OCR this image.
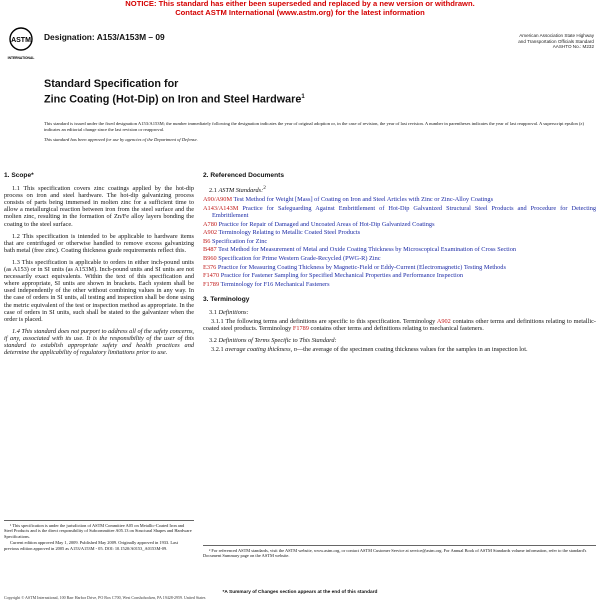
NOTICE: This standard has either been superseded and replaced by a new version or withdrawn.
Contact ASTM International (www.astm.org) for the latest information
ASTM
INTERNATIONAL
Designation: A153/A153M – 09	American Association State Highway
and Transportation Officials Standard
AASHTO No.: M232
Standard Specification for
Zinc Coating (Hot-Dip) on Iron and Steel Hardware$^1$

This standard is issued under the fixed designation A153/A153M; the number immediately following the designation indicates the year of original adoption or, in the case of revision, the year of last revision. A number in parentheses indicates the year of last reapproval. A superscript epsilon (ε) indicates an editorial change since the last revision or reapproval.

This standard has been approved for use by agencies of the Department of Defense.

1. Scope*

1.1 This specification covers zinc coatings applied by the hot-dip process on iron and steel hardware. The hot-dip galvanizing process consists of parts being immersed in molten zinc for a sufficient time to allow a metallurgical reaction between iron from the steel surface and the molten zinc, resulting in the formation of Zn/Fe alloy layers bonding the coating to the steel surface.

1.2 This specification is intended to be applicable to hardware items that are centrifuged or otherwise handled to remove excess galvanizing bath metal (free zinc). Coating thickness grade requirements reflect this.

1.3 This specification is applicable to orders in either inch-pound units (as A153) or in SI units (as A153M). Inch-pound units and SI units are not necessarily exact equivalents. Within the text of this specification and where appropriate, SI units are shown in brackets. Each system shall be used independently of the other without combining values in any way. In the case of orders in SI units, all testing and inspection shall be done using the metric equivalent of the test or inspection method as appropriate. In the case of orders in SI units, such shall be stated to the galvanizer when the order is placed.

1.4 This standard does not purport to address all of the safety concerns, if any, associated with its use. It is the responsibility of the user of this standard to establish appropriate safety and health practices and determine the applicability of regulatory limitations prior to use.

2. Referenced Documents
2.1 ASTM Standards:$^2$
A90/A90M Test Method for Weight [Mass] of Coating on Iron and Steel Articles with Zinc or Zinc-Alloy Coatings
A143/A143M Practice for Safeguarding Against Embrittlement of Hot-Dip Galvanized Structural Steel Products and Procedure for Detecting Embrittlement
A780 Practice for Repair of Damaged and Uncoated Areas of Hot-Dip Galvanized Coatings
A902 Terminology Relating to Metallic Coated Steel Products
B6 Specification for Zinc
B487 Test Method for Measurement of Metal and Oxide Coating Thickness by Microscopical Examination of Cross Section
B960 Specification for Prime Western Grade-Recycled (PWG-R) Zinc
E376 Practice for Measuring Coating Thickness by Magnetic-Field or Eddy-Current (Electromagnetic) Testing Methods
F1470 Practice for Fastener Sampling for Specified Mechanical Properties and Performance Inspection
F1789 Terminology for F16 Mechanical Fasteners
3. Terminology
3.1 Definitions:

3.1.1 The following terms and definitions are specific to this specification. Terminology A902 contains other terms and definitions relating to metallic-coated steel products. Terminology F1789 contains other terms and definitions relating to mechanical fasteners.

3.2 Definitions of Terms Specific to This Standard:

3.2.1 average coating thickness, n—the average of the specimen coating thickness values for the samples in an inspection lot.

¹ This specification is under the jurisdiction of ASTM Committee A05 on Metallic-Coated Iron and Steel Products and is the direct responsibility of Subcommittee A05.13 on Structural Shapes and Hardware Specifications.

Current edition approved May 1, 2009. Published May 2009. Originally approved in 1933. Last previous edition approved in 2005 as A153/A153M - 05. DOI: 10.1520/A0153_A0153M-09.	² For referenced ASTM standards, visit the ASTM website, www.astm.org, or contact ASTM Customer Service at service@astm.org. For Annual Book of ASTM Standards volume information, refer to the standard's Document Summary page on the ASTM website.

*A Summary of Changes section appears at the end of this standard
Copyright © ASTM International, 100 Barr Harbor Drive, PO Box C700, West Conshohocken, PA 19428-2959. United States
